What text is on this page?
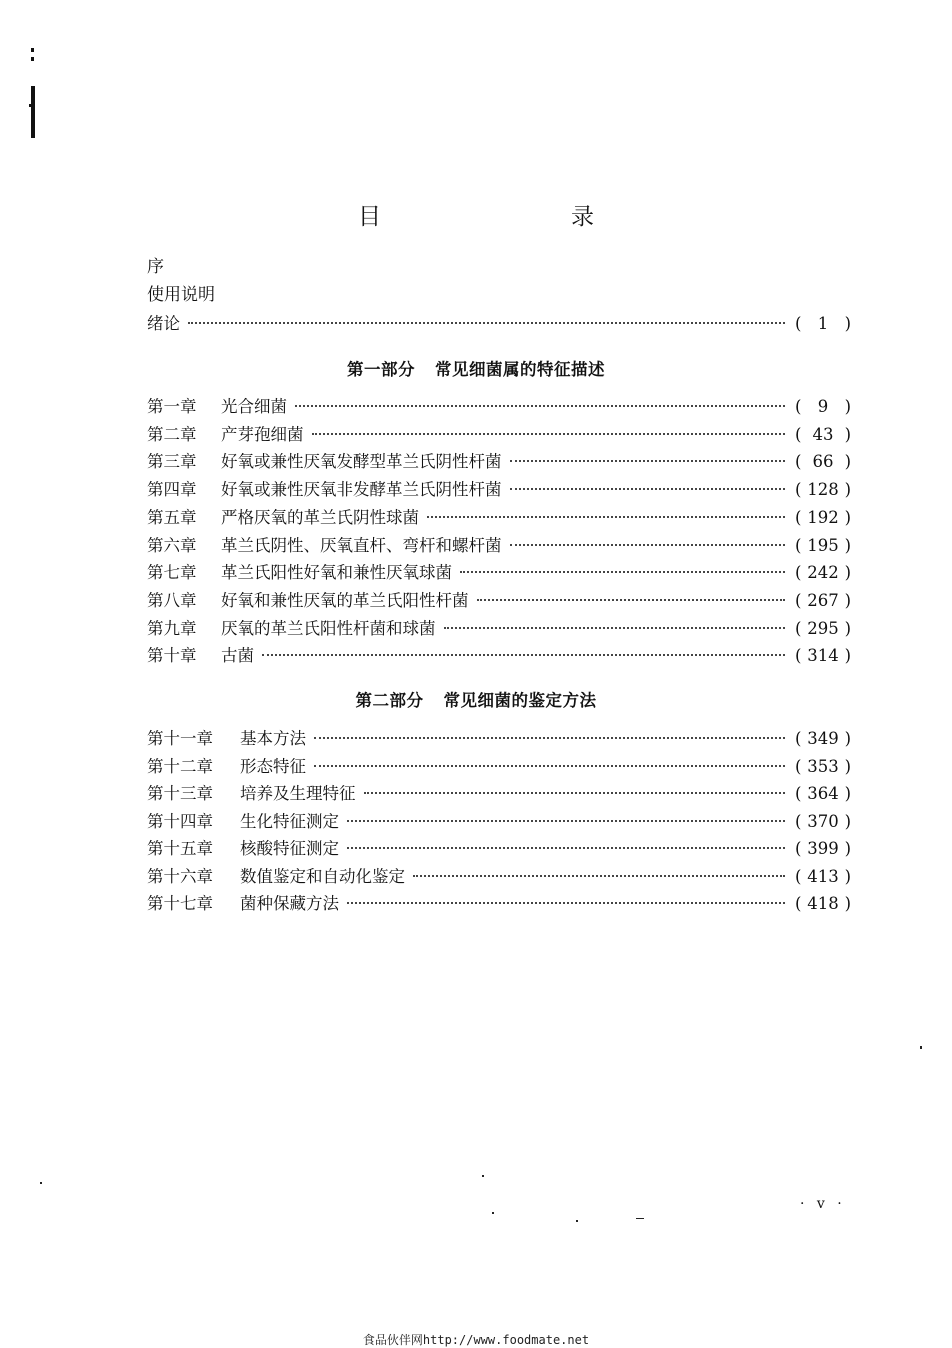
目　　录
序
使用说明
绪论	( 1 )
第一部分 常见细菌属的特征描述
第一章	光合细菌	( 9 )
第二章	产芽孢细菌	( 43 )
第三章	好氧或兼性厌氧发酵型革兰氏阴性杆菌	( 66 )
第四章	好氧或兼性厌氧非发酵革兰氏阴性杆菌	( 128 )
第五章	严格厌氧的革兰氏阴性球菌	( 192 )
第六章	革兰氏阴性、厌氧直杆、弯杆和螺杆菌	( 195 )
第七章	革兰氏阳性好氧和兼性厌氧球菌	( 242 )
第八章	好氧和兼性厌氧的革兰氏阳性杆菌	( 267 )
第九章	厌氧的革兰氏阳性杆菌和球菌	( 295 )
第十章	古菌	( 314 )
第二部分 常见细菌的鉴定方法
第十一章	基本方法	( 349 )
第十二章	形态特征	( 353 )
第十三章	培养及生理特征	( 364 )
第十四章	生化特征测定	( 370 )
第十五章	核酸特征测定	( 399 )
第十六章	数值鉴定和自动化鉴定	( 413 )
第十七章	菌种保藏方法	( 418 )
· v ·
食品伙伴网http://www.foodmate.net
